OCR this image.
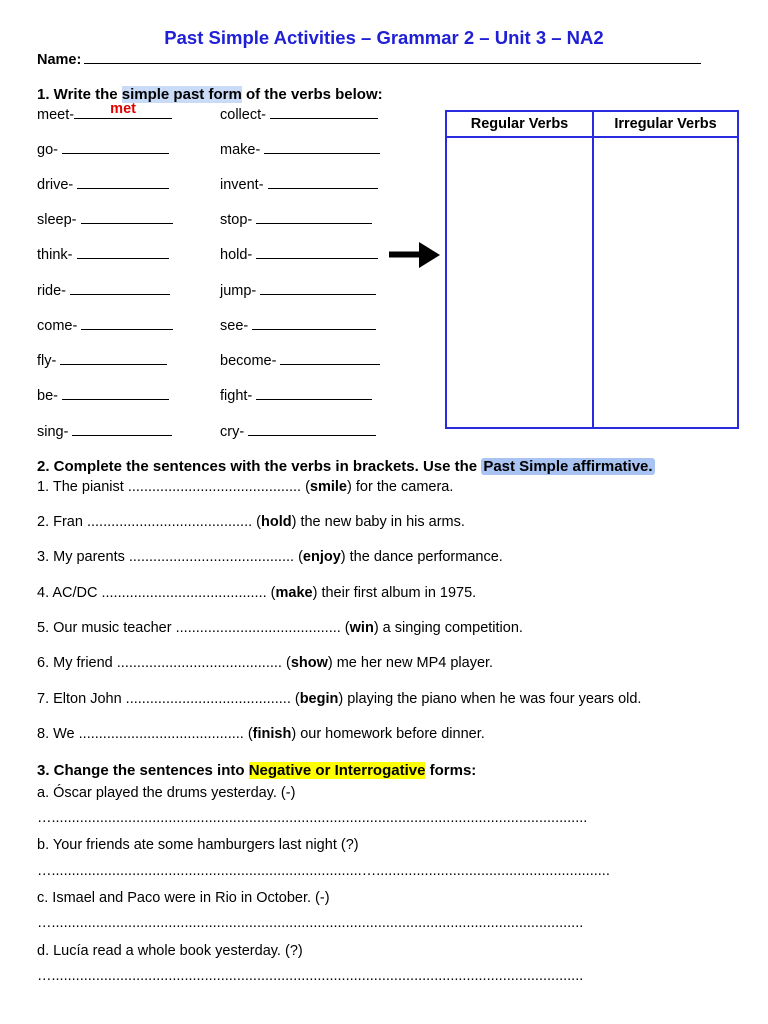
Past Simple Activities – Grammar 2 – Unit 3 – NA2
Name:
1. Write the simple past form of the verbs below:
meet-	met
go-
drive-
sleep-
think-
ride-
come-
fly-
be-
sing-
collect-
make-
invent-
stop-
hold-
jump-
see-
become-
fight-
cry-
Regular Verbs	Irregular Verbs

2. Complete the sentences with the verbs in brackets. Use the Past Simple affirmative.
1. The pianist ........................................... (smile) for the camera.
2. Fran ......................................... (hold) the new baby in his arms.
3. My parents ......................................... (enjoy) the dance performance.
4. AC/DC ......................................... (make) their first album in 1975.
5. Our music teacher ......................................... (win) a singing competition.
6. My friend ......................................... (show) me her new MP4 player.
7. Elton John ......................................... (begin) playing the piano when he was four years old.
8. We ......................................... (finish) our homework before dinner.
3. Change the sentences into Negative or Interrogative forms:
a. Óscar played the drums yesterday. (-)
….....................................................................................................................................
b. Your friends ate some hamburgers last night (?)
….............................................................................…..........................................................
c. Ismael and Paco were in Rio in October. (-)
…....................................................................................................................................
d. Lucía read a whole book yesterday. (?)
…....................................................................................................................................
